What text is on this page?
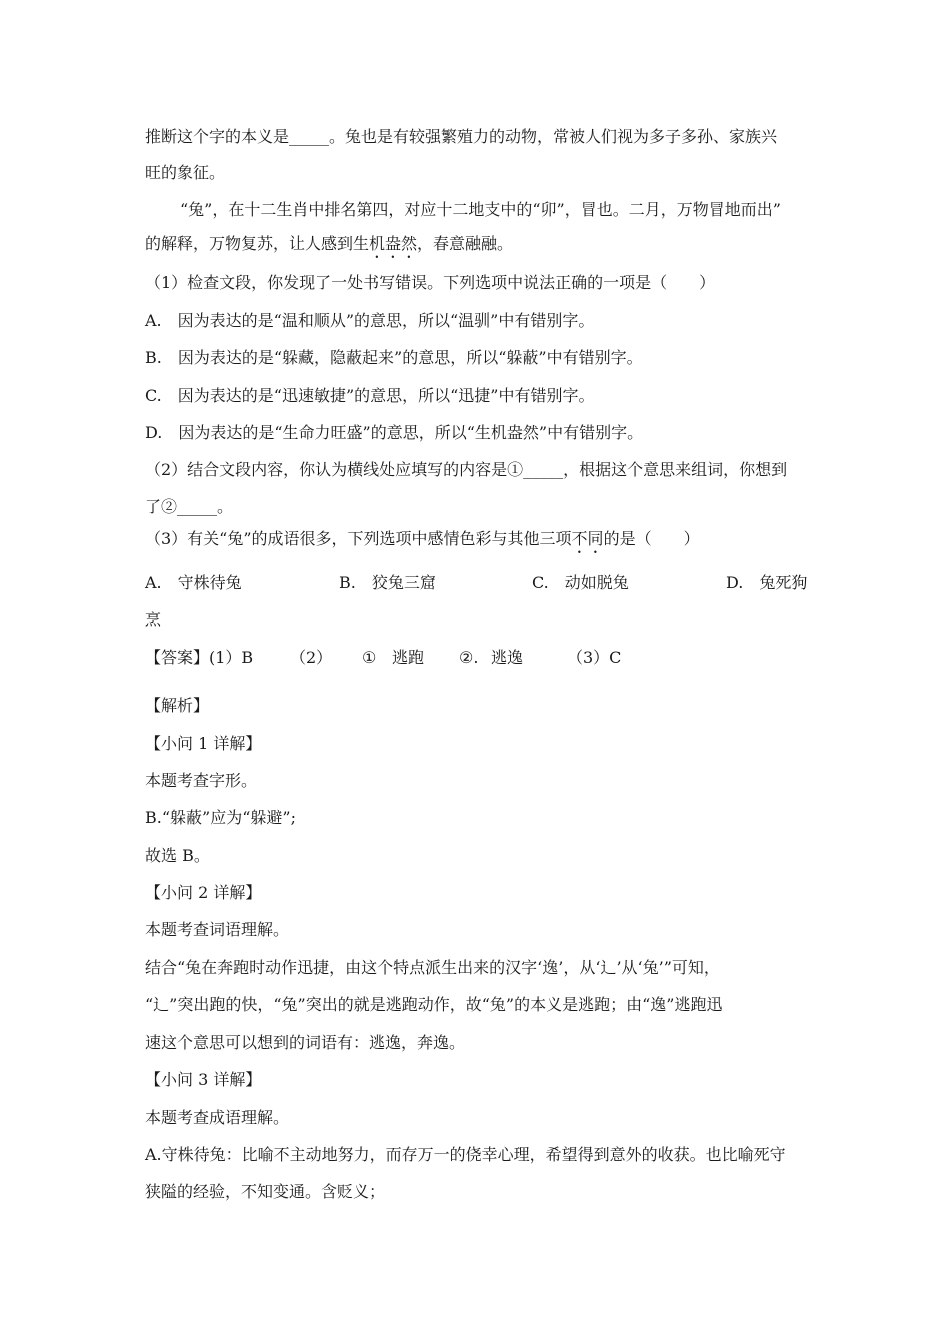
推断这个字的本义是_____。兔也是有较强繁殖力的动物，常被人们视为多子多孙、家族兴
旺的象征。
“兔”，在十二生肖中排名第四，对应十二地支中的“卯”，冒也。二月，万物冒地而出”
的解释，万物复苏，让人感到生机盎然，春意融融。
（1）检查文段，你发现了一处书写错误。下列选项中说法正确的一项是（　　）
A.　因为表达的是“温和顺从”的意思，所以“温驯”中有错别字。
B.　因为表达的是“躲藏，隐蔽起来”的意思，所以“躲蔽”中有错别字。
C.　因为表达的是“迅速敏捷”的意思，所以“迅捷”中有错别字。
D.　因为表达的是“生命力旺盛”的意思，所以“生机盎然”中有错别字。
（2）结合文段内容，你认为横线处应填写的内容是①_____，根据这个意思来组词，你想到
了②_____。
（3）有关“兔”的成语很多，下列选项中感情色彩与其他三项不同的是（　　）
A.　守株待兔	B.　狡兔三窟	C.　动如脱兔	D.　兔死狗
烹
【答案】(1）B （2） ① 逃跑 ②. 逃逸	（3）C
【解析】
【小问 1 详解】
本题考查字形。
B.“躲蔽”应为“躲避”;
故选 B。
【小问 2 详解】
本题考查词语理解。
结合“兔在奔跑时动作迅捷，由这个特点派生出来的汉字‘逸’，从‘辶’从‘兔’”可知，
“辶”突出跑的快，“兔”突出的就是逃跑动作，故“兔”的本义是逃跑；由“逸”逃跑迅
速这个意思可以想到的词语有：逃逸，奔逸。
【小问 3 详解】
本题考查成语理解。
A.守株待兔：比喻不主动地努力，而存万一的侥幸心理，希望得到意外的收获。也比喻死守
狭隘的经验，不知变通。含贬义；
